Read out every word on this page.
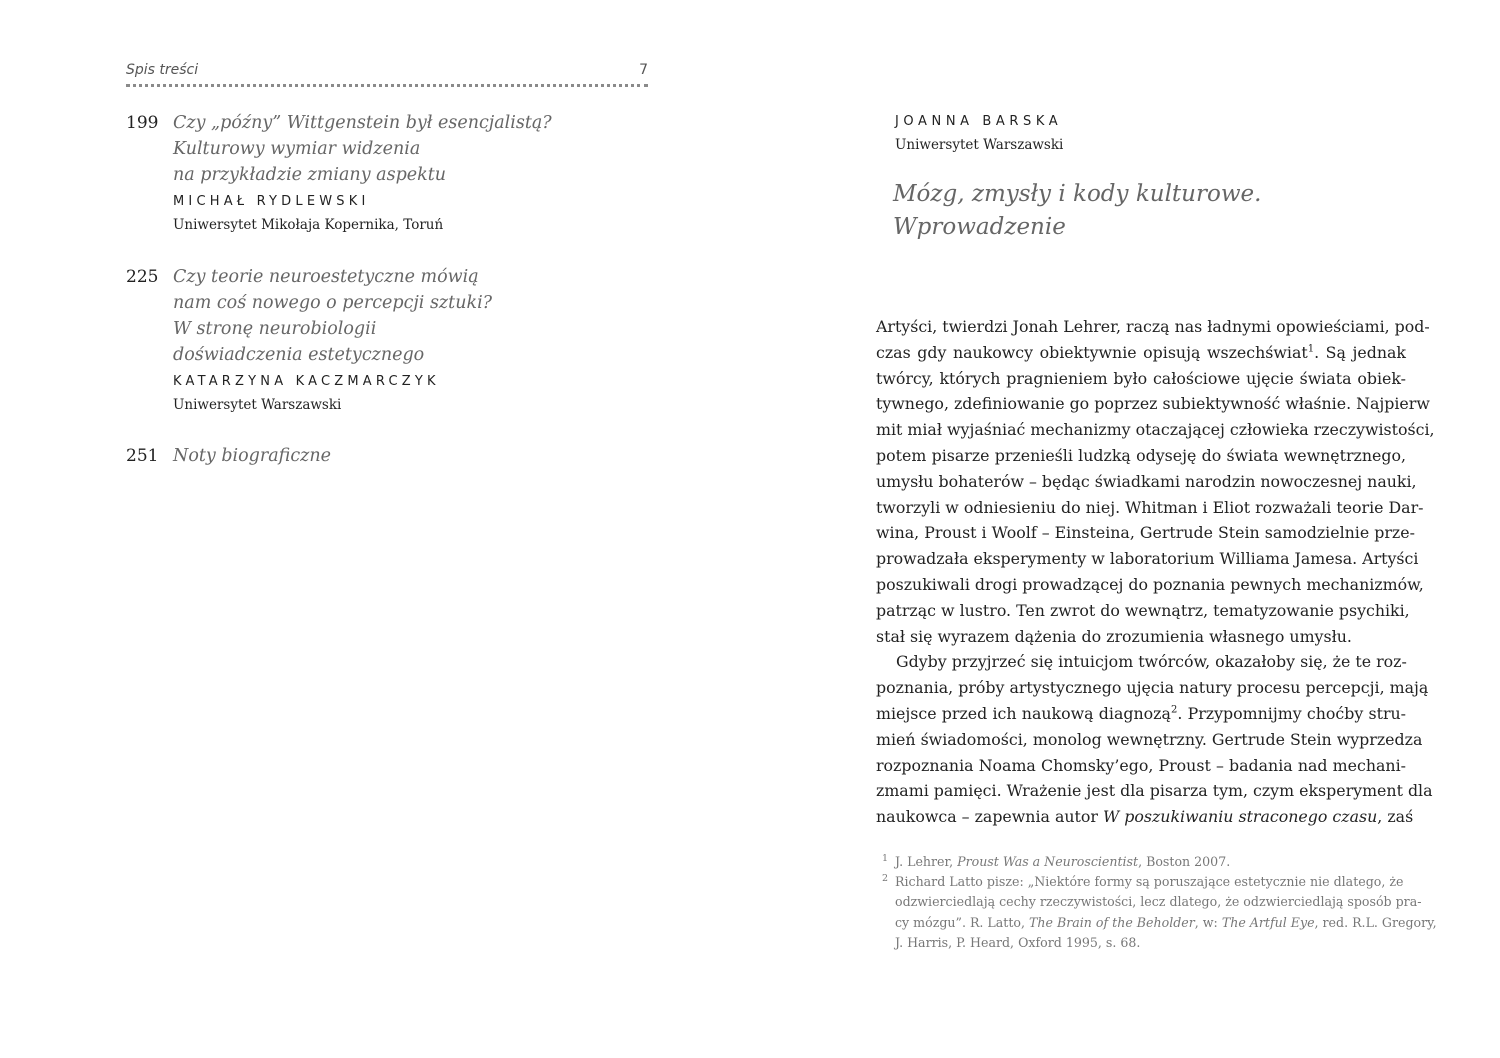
Spis treści	7
199 Czy „późny” Wittgenstein był esencjalistą?
Kulturowy wymiar widzenia
na przykładzie zmiany aspektu
MICHAŁ RYDLEWSKI
Uniwersytet Mikołaja Kopernika, Toruń
225 Czy teorie neuroestetyczne mówią
nam coś nowego o percepcji sztuki?
W stronę neurobiologii
doświadczenia estetycznego
KATARZYNA KACZMARCZYK
Uniwersytet Warszawski
251 Noty biograficzne
JOANNA BARSKA
Uniwersytet Warszawski
Mózg, zmysły i kody kulturowe.
Wprowadzenie
Artyści, twierdzi Jonah Lehrer, raczą nas ładnymi opowieściami, pod-
czas gdy naukowcy obiektywnie opisują wszechświat$^1$. Są jednak
twórcy, których pragnieniem było całościowe ujęcie świata obiek-
tywnego, zdefiniowanie go poprzez subiektywność właśnie. Najpierw
mit miał wyjaśniać mechanizmy otaczającej człowieka rzeczywistości,
potem pisarze przenieśli ludzką odyseję do świata wewnętrznego,
umysłu bohaterów – będąc świadkami narodzin nowoczesnej nauki,
tworzyli w odniesieniu do niej. Whitman i Eliot rozważali teorie Dar-
wina, Proust i Woolf – Einsteina, Gertrude Stein samodzielnie prze-
prowadzała eksperymenty w laboratorium Williama Jamesa. Artyści
poszukiwali drogi prowadzącej do poznania pewnych mechanizmów,
patrząc w lustro. Ten zwrot do wewnątrz, tematyzowanie psychiki,
stał się wyrazem dążenia do zrozumienia własnego umysłu.
Gdyby przyjrzeć się intuicjom twórców, okazałoby się, że te roz-
poznania, próby artystycznego ujęcia natury procesu percepcji, mają
miejsce przed ich naukową diagnozą$^2$. Przypomnijmy choćby stru-
mień świadomości, monolog wewnętrzny. Gertrude Stein wyprzedza
rozpoznania Noama Chomsky’ego, Proust – badania nad mechani-
zmami pamięci. Wrażenie jest dla pisarza tym, czym eksperyment dla
naukowca – zapewnia autor W poszukiwaniu straconego czasu, zaś
1 J. Lehrer, Proust Was a Neuroscientist, Boston 2007.
2 Richard Latto pisze: „Niektóre formy są poruszające estetycznie nie dlatego, że
odzwierciedlają cechy rzeczywistości, lecz dlatego, że odzwierciedlają sposób pra-
cy mózgu”. R. Latto, The Brain of the Beholder, w: The Artful Eye, red. R.L. Gregory,
J. Harris, P. Heard, Oxford 1995, s. 68.
